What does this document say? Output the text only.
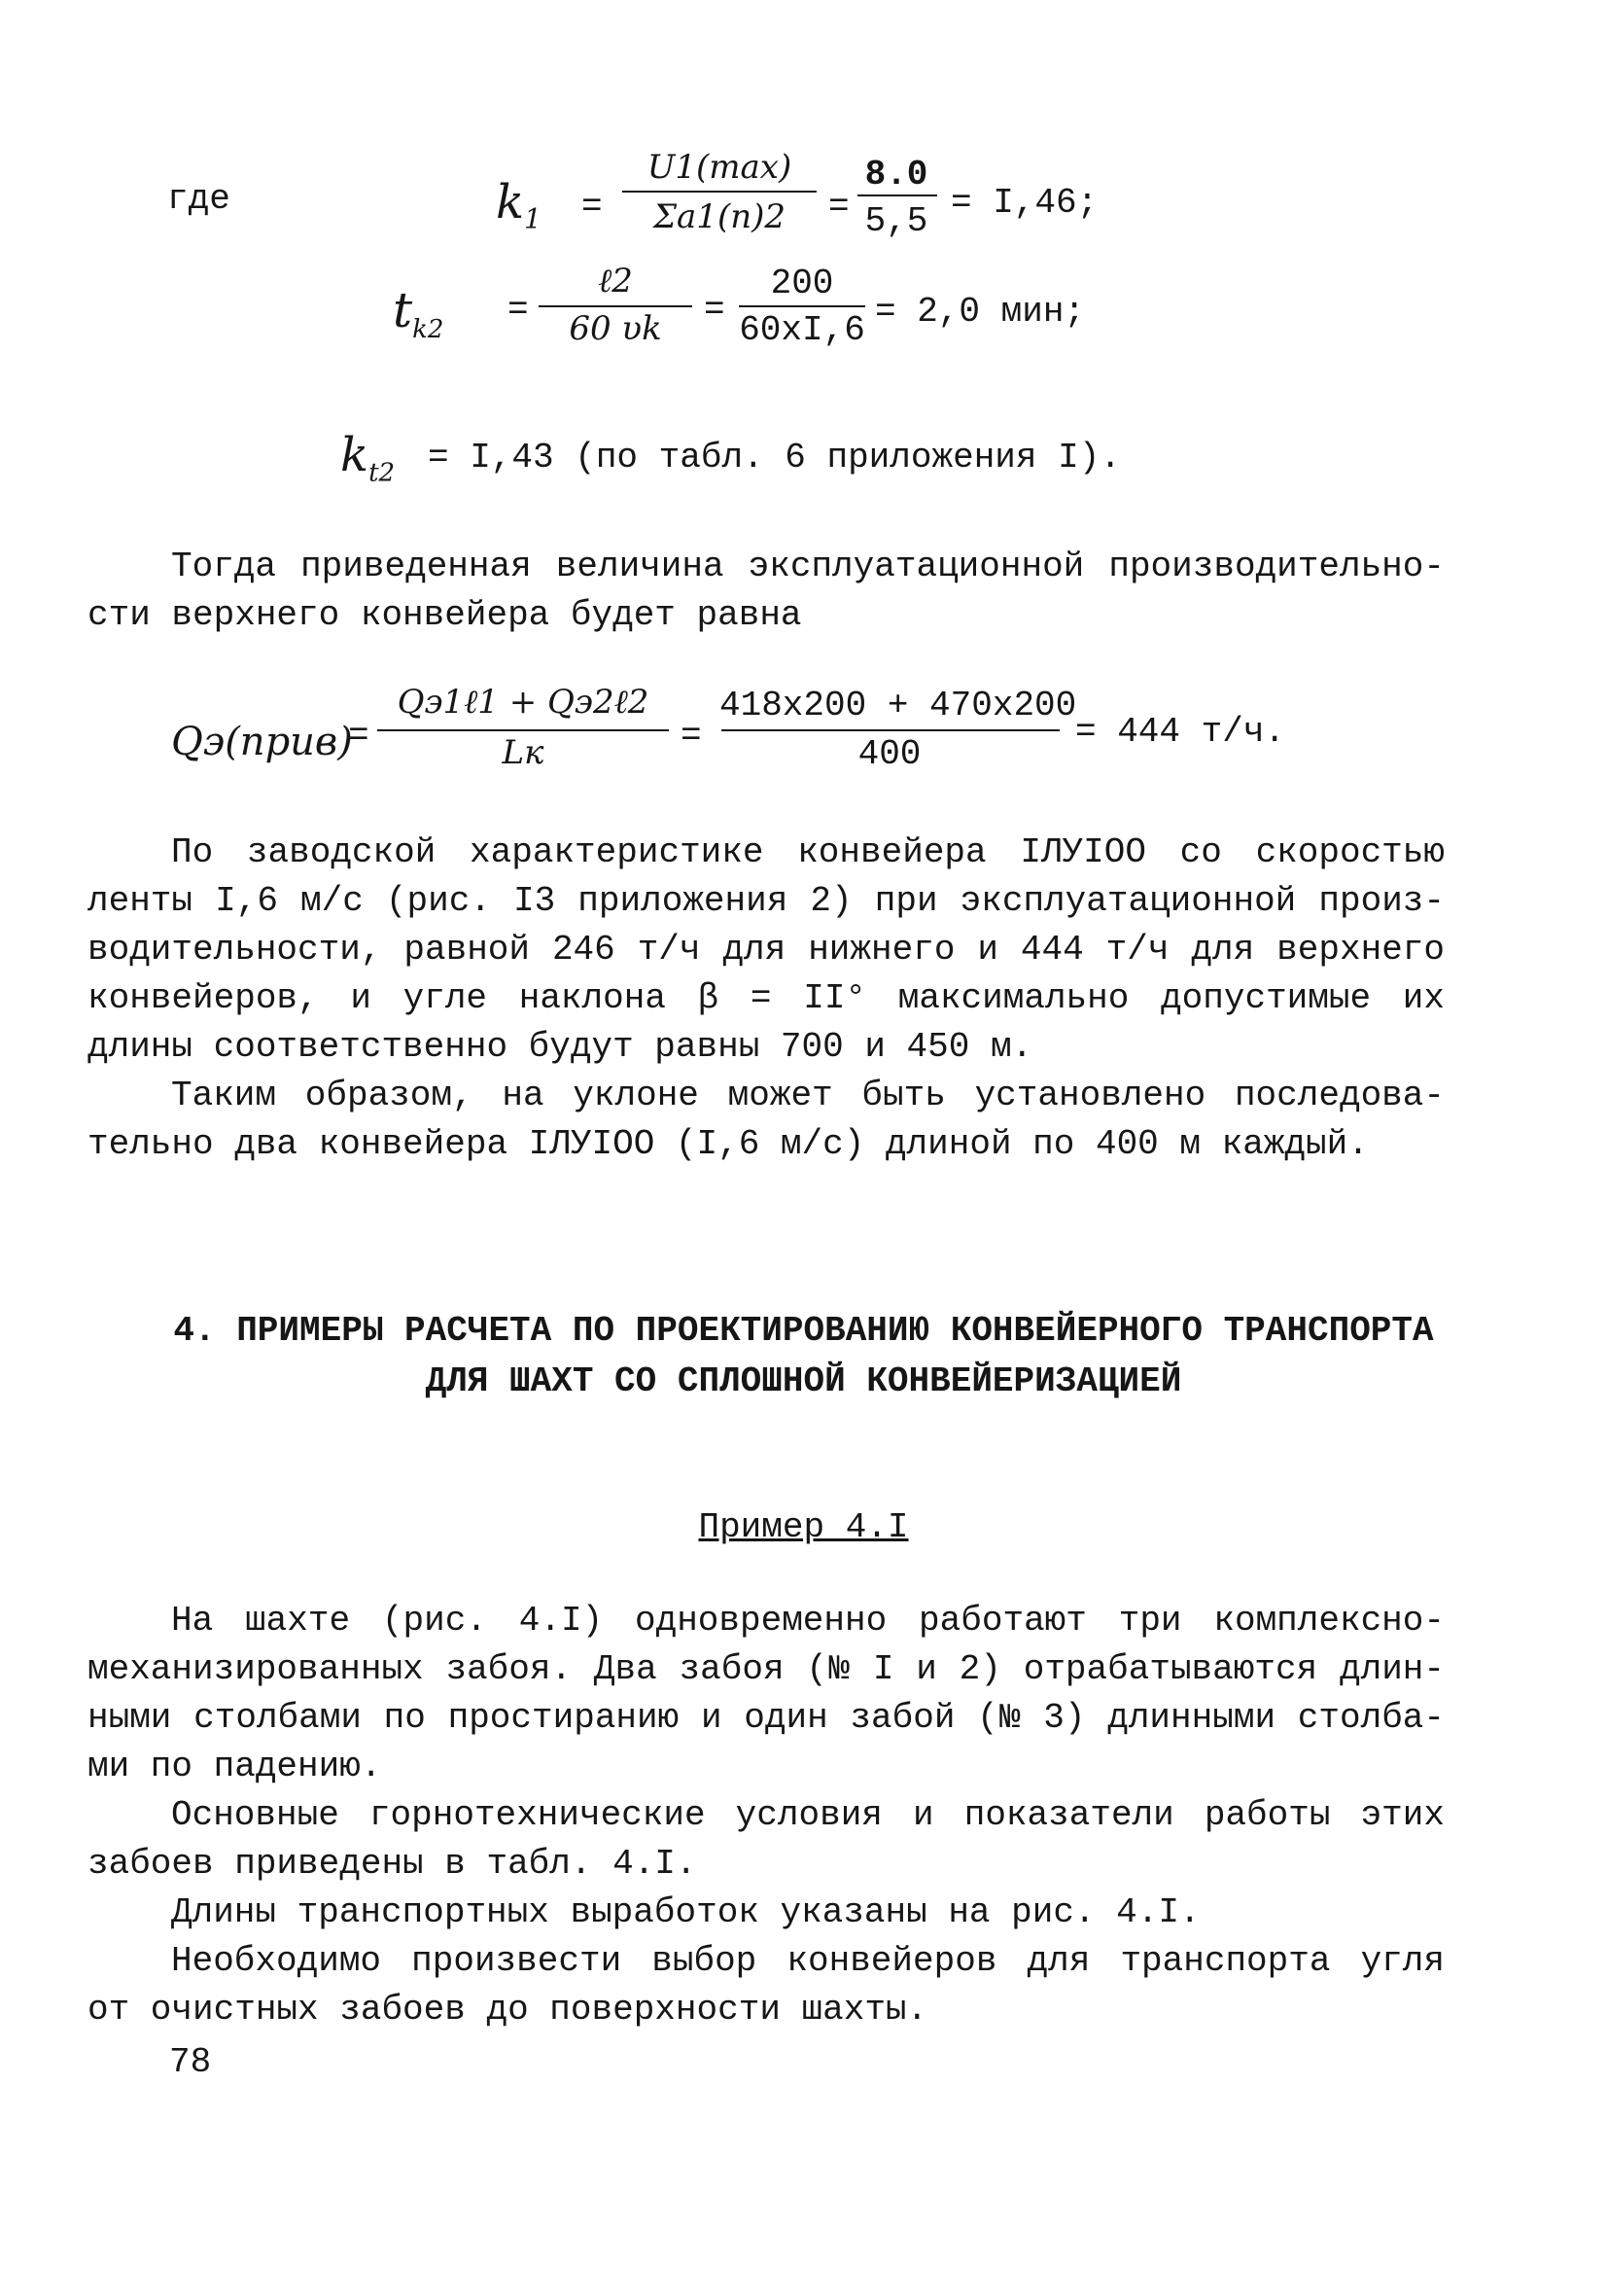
где	$k_1$ =
U1(max)
Σa1(n)2	=
8.0
5,5 = I,46;
$t_{k2}$ =
ℓ2
60 υk	=
200
60xI,6 = 2,0 мин;
$k_{t2} = I,43$ (по табл. 6 приложения I).
Тогда приведенная величина эксплуатационной производительно-
сти верхнего конвейера будет равна
Qэ(прив)
=
Qэ1ℓ1 + Qэ2ℓ2
Lк	=
418x200 + 470x200
400
= 444 т/ч.
По заводской характеристике конвейера IЛУIОО со скоростью
ленты I,6 м/с (рис. I3 приложения 2) при эксплуатационной произ-
водительности, равной 246 т/ч для нижнего и 444 т/ч для верхнего
конвейеров, и угле наклона β = II° максимально допустимые их
длины соответственно будут равны 700 и 450 м.
Таким образом, на уклоне может быть установлено последова-
тельно два конвейера IЛУIОО (I,6 м/с) длиной по 400 м каждый.
4. ПРИМЕРЫ РАСЧЕТА ПО ПРОЕКТИРОВАНИЮ КОНВЕЙЕРНОГО ТРАНСПОРТА
ДЛЯ ШАХТ СО СПЛОШНОЙ КОНВЕЙЕРИЗАЦИЕЙ
Пример 4.I
На шахте (рис. 4.I) одновременно работают три комплексно-
механизированных забоя. Два забоя (№ I и 2) отрабатываются длин-
ными столбами по простиранию и один забой (№ 3) длинными столба-
ми по падению.
Основные горнотехнические условия и показатели работы этих
забоев приведены в табл. 4.I.
Длины транспортных выработок указаны на рис. 4.I.
Необходимо произвести выбор конвейеров для транспорта угля
от очистных забоев до поверхности шахты.
78
